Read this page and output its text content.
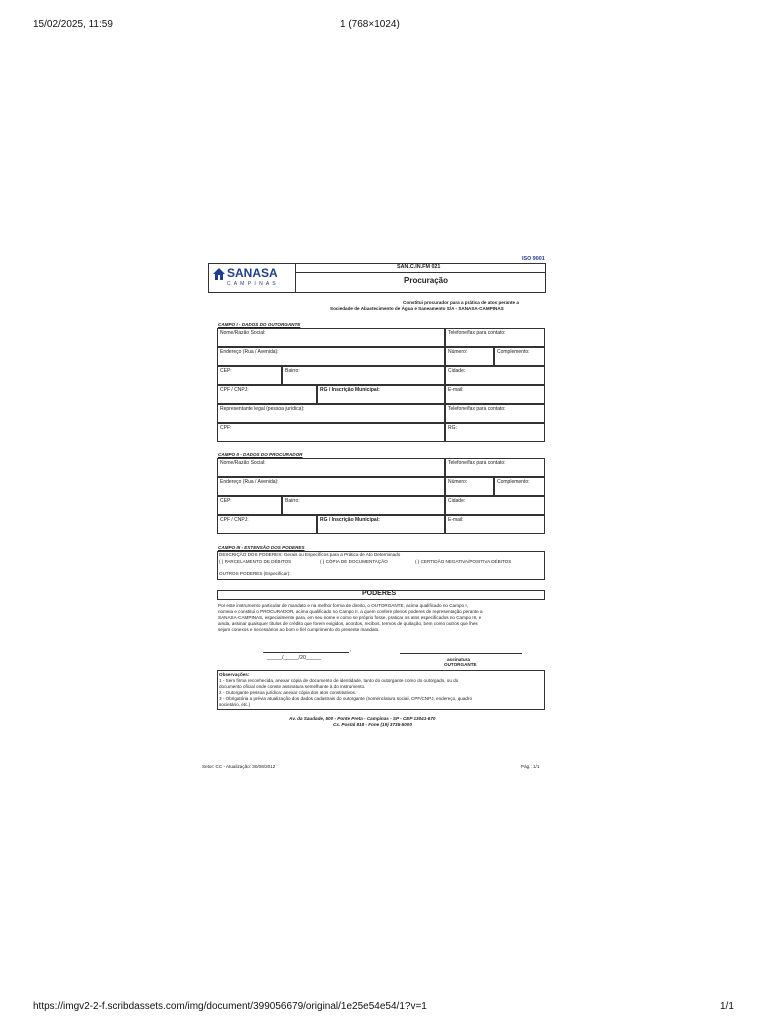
15/02/2025, 11:59	1 (768×1024)
https://imgv2-2-f.scribdassets.com/img/document/399056679/original/1e25e54e54/1?v=1	1/1
ISO 9001
SANASA
C A M P I N A S
SAN.C.IN.FM 021
Procuração
Constitui procurador para a prática de atos perante a
Sociedade de Abastecimento de Água e Saneamento S/A - SANASA-CAMPINAS
CAMPO I - DADOS DO OUTORGANTE
Nome/Razão Social:	Telefone/fax para contato:
Endereço (Rua / Avenida):	Número:	Complemento:
CEP:	Bairro:	Cidade:
CPF / CNPJ:	RG / Inscrição Municipal:	E-mail:
Representante legal (pessoa jurídica):	Telefone/fax para contato:
CPF:	RG:
CAMPO II - DADOS DO PROCURADOR
Nome/Razão Social:	Telefone/fax para contato:
Endereço (Rua / Avenida):	Número:	Complemento:
CEP:	Bairro:	Cidade:
CPF / CNPJ:	RG / Inscrição Municipal:	E-mail:
CAMPO III - EXTENSÃO DOS PODERES
DESCRIÇÃO DOS PODERES: Gerais ou Específicos para a Prática de Ato Determinado
( ) PARCELAMENTO DE DÉBITOS	( ) CÓPIA DE DOCUMENTAÇÃO	( ) CERTIDÃO NEGATIVA/POSITIVA DÉBITOS
OUTROS PODERES (Especificar):
PODERES
Por este instrumento particular de mandato e na melhor forma de direito, o OUTORGANTE, acima qualificado no Campo I,
nomeia e constitui o PROCURADOR, acima qualificado no Campo II, a quem confere plenos poderes de representação perante a
SANASA-CAMPINAS, especialmente para, em seu nome e como se próprio fosse, praticar os atos especificados no Campo III, e
ainda, assinar quaisquer títulos de crédito que forem exigidos, acordos, recibos, termos de quitação, bem como outros que lhes
sejam conexos e necessários ao bom e fiel cumprimento do presente mandato.
,
_____/_____/20_____	assinatura
OUTORGANTE
Observações:
1 - Sem firma reconhecida, anexar cópia de documento de identidade, tanto do outorgante como do outorgado, ou do
documento oficial onde conste assinatura semelhante à do instrumento.
2 - Outorgante pessoa jurídica: anexar cópia dos atos constitutivos.
3 - Obrigatória a prévia atualização dos dados cadastrais do outorgante (nomenclatura social, CPF/CNPJ, endereço, quadro
societário, etc.)
Av. da Saudade, 500 - Ponte Preta - Campinas - SP - CEP 13041-670
Cx. Postal 818 - Fone (19) 3735-5000
Setor: CC - Atualização: 30/08/2012	Pág.: 1/1
